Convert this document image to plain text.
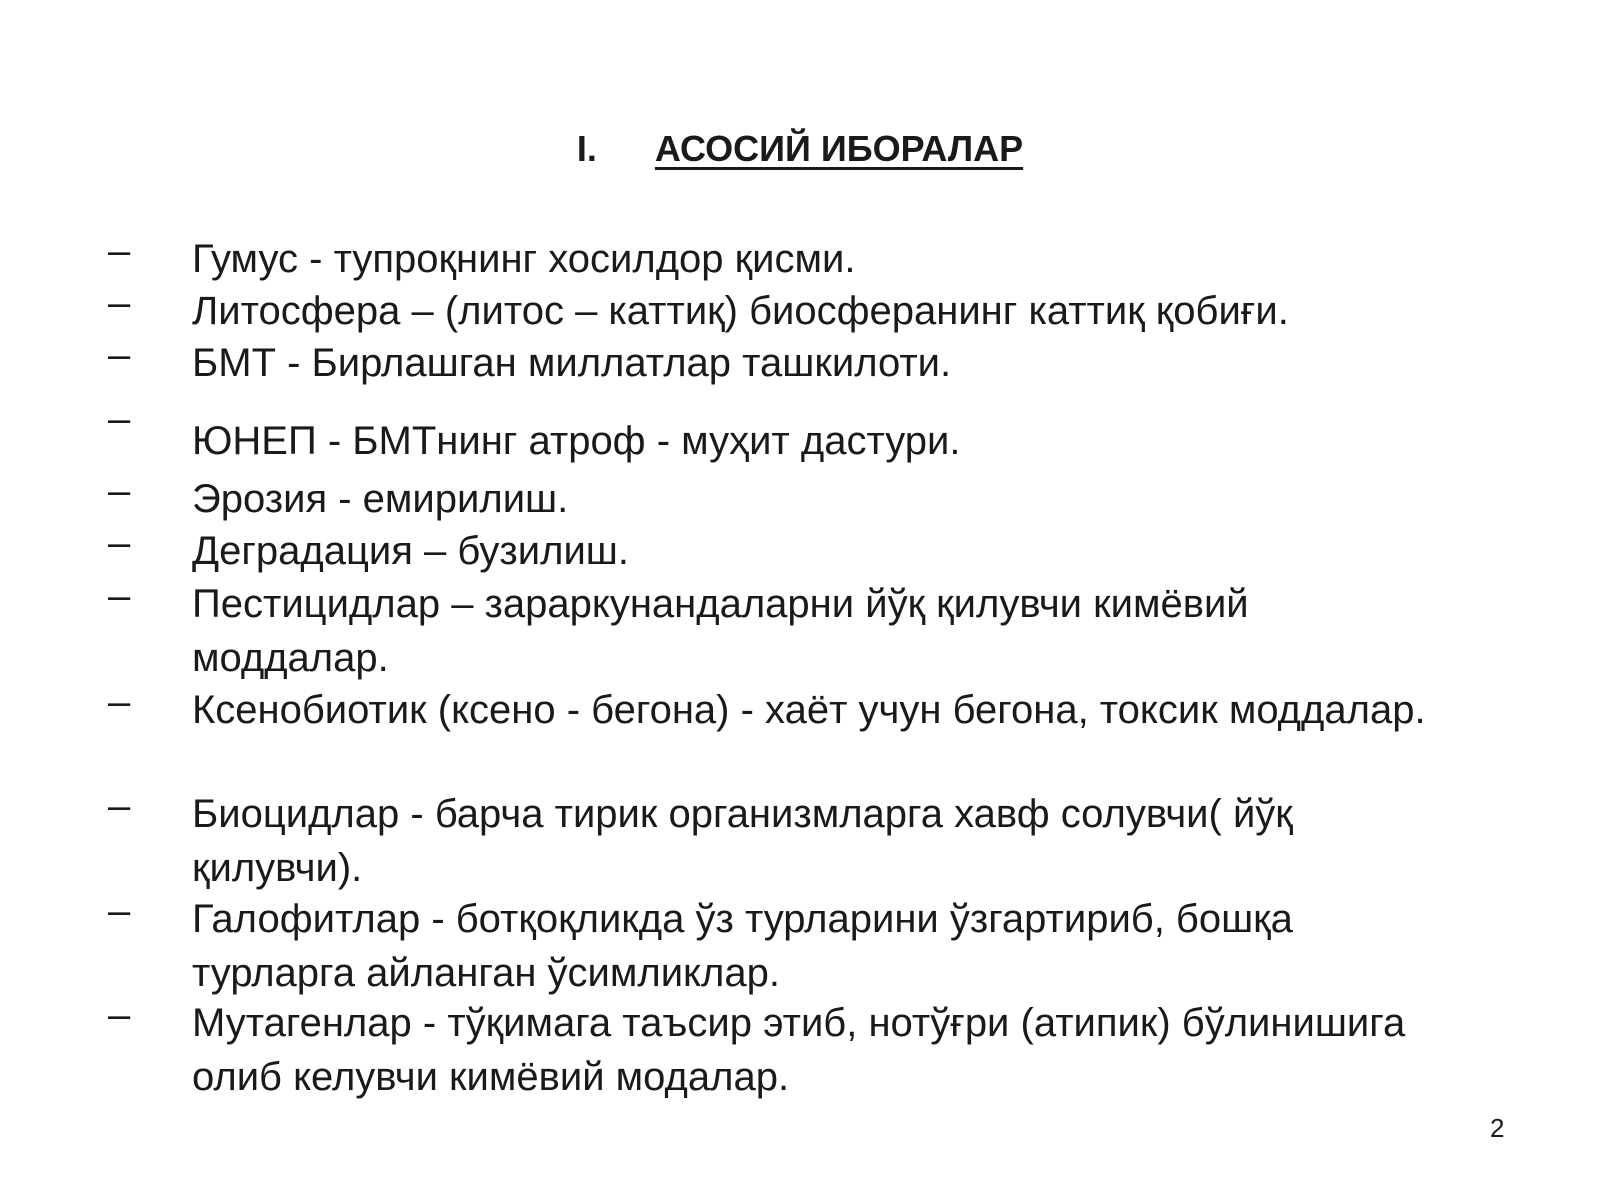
I. АСОСИЙ ИБОРАЛАР
– Гумус - тупроқнинг хосилдор қисми.
– Литосфера – (литос – каттиқ) биосферанинг каттиқ қобиғи.
– БМТ - Бирлашган миллатлар ташкилоти.
– ЮНЕП - БМТнинг атроф - муҳит дастури.
– Эрозия - емирилиш.
– Деградация – бузилиш.
– Пестицидлар – зараркунандаларни йўқ қилувчи кимёвий моддалар.
– Ксенобиотик (ксено - бегона) - хаёт учун бегона, токсик моддалар.
– Биоцидлар - барча тирик организмларга хавф солувчи( йўқ қилувчи).
– Галофитлар - ботқоқликда ўз турларини ўзгартириб, бошқа турларга айланган ўсимликлар.
– Мутагенлар - тўқимага таъсир этиб, нотўғри (атипик) бўлинишига олиб келувчи кимёвий модалар.
2
